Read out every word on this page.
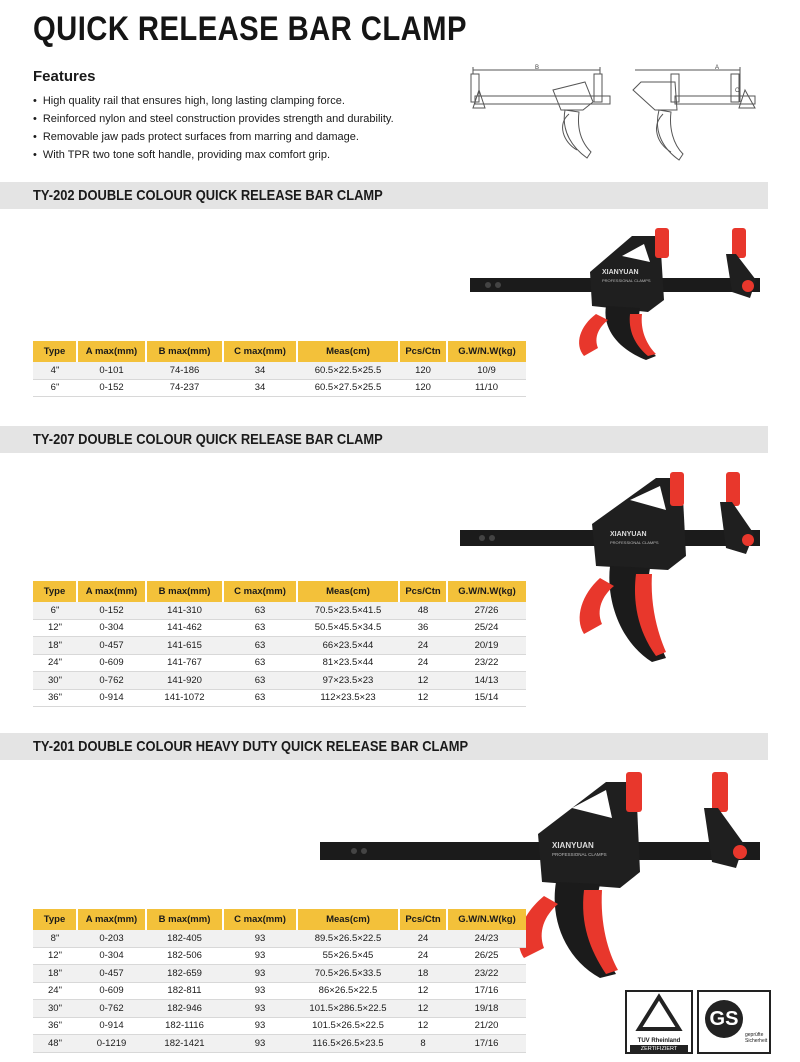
QUICK RELEASE BAR CLAMP
Features
• High quality rail that ensures high, long lasting clamping force.
• Reinforced nylon and steel construction provides strength and durability.
• Removable jaw pads protect surfaces from marring and damage.
• With TPR two tone soft handle, providing max comfort grip.
B	A
C
TY-202 DOUBLE COLOUR QUICK RELEASE BAR CLAMP
XIANYUAN
PROFESSIONAL CLAMPS
Type	A max(mm)	B max(mm)	C max(mm)	Meas(cm)	Pcs/Ctn	G.W/N.W(kg)
4"	0-101	74-186	34	60.5×22.5×25.5	120	10/9
6"	0-152	74-237	34	60.5×27.5×25.5	120	11/10
TY-207 DOUBLE COLOUR QUICK RELEASE BAR CLAMP
XIANYUAN
PROFESSIONAL CLAMPS
Type	A max(mm)	B max(mm)	C max(mm)	Meas(cm)	Pcs/Ctn	G.W/N.W(kg)
6"	0-152	141-310	63	70.5×23.5×41.5	48	27/26
12"	0-304	141-462	63	50.5×45.5×34.5	36	25/24
18"	0-457	141-615	63	66×23.5×44	24	20/19
24"	0-609	141-767	63	81×23.5×44	24	23/22
30"	0-762	141-920	63	97×23.5×23	12	14/13
36"	0-914	141-1072	63	112×23.5×23	12	15/14
TY-201 DOUBLE COLOUR HEAVY DUTY QUICK RELEASE BAR CLAMP
XIANYUAN
PROFESSIONAL CLAMPS
Type	A max(mm)	B max(mm)	C max(mm)	Meas(cm)	Pcs/Ctn	G.W/N.W(kg)
8"	0-203	182-405	93	89.5×26.5×22.5	24	24/23
12"	0-304	182-506	93	55×26.5×45	24	26/25
18"	0-457	182-659	93	70.5×26.5×33.5	18	23/22
24"	0-609	182-811	93	86×26.5×22.5	12	17/16
30"	0-762	182-946	93	101.5×286.5×22.5	12	19/18
36"	0-914	182-1116	93	101.5×26.5×22.5	12	21/20
48"	0-1219	182-1421	93	116.5×26.5×23.5	8	17/16	TUV Rheinland
ZERTIFIZIERT
GS
geprüfte Sicherheit
